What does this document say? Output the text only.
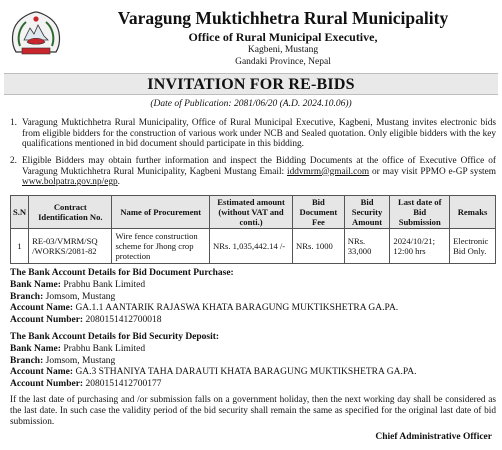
Varagung Muktichhetra Rural Municipality
Office of Rural Municipal Executive,
Kagbeni, Mustang
Gandaki Province, Nepal
INVITATION FOR RE-BIDS
(Date of Publication: 2081/06/20 (A.D. 2024.10.06))
1. Varagung Muktichhetra Rural Municipality, Office of Rural Municipal Executive, Kagbeni, Mustang invites electronic bids from eligible bidders for the construction of various work under NCB and Sealed quotation. Only eligible bidders with the key qualifications mentioned in bid document should participate in this bidding.
2. Eligible Bidders may obtain further information and inspect the Bidding Documents at the office of Executive Office of Varagung Muktichhetra Rural Municipality, Kagbeni Mustang Email: iddvmrm@gmail.com or may visit PPMO e-GP system www.bolpatra.gov.np/egp.
S.N	Contract Identification No.	Name of Procurement	Estimated amount (without VAT and conti.)	Bid Document Fee	Bid Security Amount	Last date of Bid Submission	Remaks
1	RE-03/VMRM/SQ /WORKS/2081-82	Wire fence construction scheme for Jhong crop protection	NRs. 1,035,442.14 /-	NRs. 1000	NRs. 33,000	2024/10/21; 12:00 hrs	Electronic Bid Only.
The Bank Account Details for Bid Document Purchase:
Bank Name: Prabhu Bank Limited
Branch: Jomsom, Mustang
Account Name: GA.1.1 AANTARIK RAJASWA KHATA BARAGUNG MUKTIKSHETRA GA.PA.
Account Number: 2080151412700018
The Bank Account Details for Bid Security Deposit:
Bank Name: Prabhu Bank Limited
Branch: Jomsom, Mustang
Account Name: GA.3 STHANIYA TAHA DARAUTI KHATA BARAGUNG MUKTIKSHETRA GA.PA.
Account Number: 2080151412700177
If the last date of purchasing and /or submission falls on a government holiday, then the next working day shall be considered as the last date. In such case the validity period of the bid security shall remain the same as specified for the original last date of bid submission.
Chief Administrative Officer
